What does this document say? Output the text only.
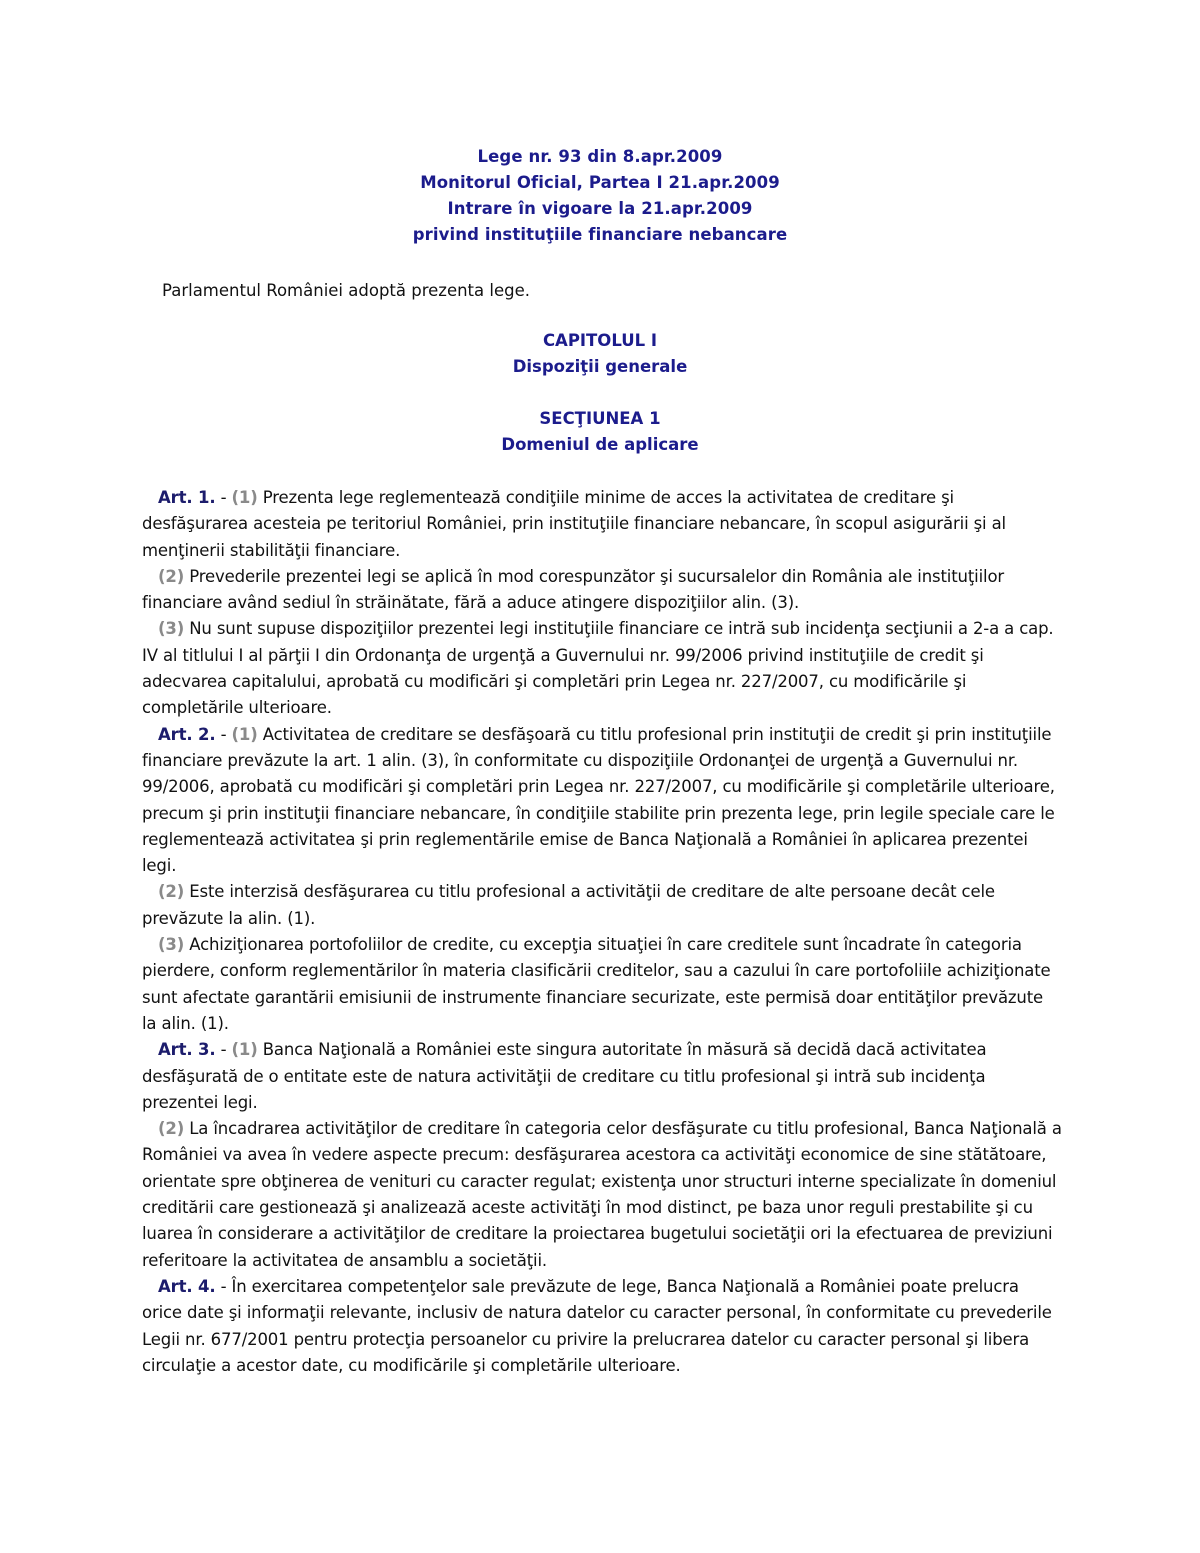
Lege nr. 93 din 8.apr.2009
Monitorul Oficial, Partea I 21.apr.2009
Intrare în vigoare la 21.apr.2009
privind instituţiile financiare nebancare
Parlamentul României adoptă prezenta lege.
CAPITOLUL I
Dispoziţii generale
SECŢIUNEA 1
Domeniul de aplicare

Art. 1. - (1) Prezenta lege reglementează condiţiile minime de acces la activitatea de creditare şi desfăşurarea acesteia pe teritoriul României, prin instituţiile financiare nebancare, în scopul asigurării şi al menţinerii stabilităţii financiare.

(2) Prevederile prezentei legi se aplică în mod corespunzător şi sucursalelor din România ale instituţiilor financiare având sediul în străinătate, fără a aduce atingere dispoziţiilor alin. (3).

(3) Nu sunt supuse dispoziţiilor prezentei legi instituţiile financiare ce intră sub incidenţa secţiunii a 2-a a cap. IV al titlului I al părţii I din Ordonanţa de urgenţă a Guvernului nr. 99/2006 privind instituţiile de credit şi adecvarea capitalului, aprobată cu modificări şi completări prin Legea nr. 227/2007, cu modificările şi completările ulterioare.

Art. 2. - (1) Activitatea de creditare se desfăşoară cu titlu profesional prin instituţii de credit şi prin instituţiile financiare prevăzute la art. 1 alin. (3), în conformitate cu dispoziţiile Ordonanţei de urgenţă a Guvernului nr. 99/2006, aprobată cu modificări şi completări prin Legea nr. 227/2007, cu modificările şi completările ulterioare, precum şi prin instituţii financiare nebancare, în condiţiile stabilite prin prezenta lege, prin legile speciale care le reglementează activitatea şi prin reglementările emise de Banca Naţională a României în aplicarea prezentei legi.

(2) Este interzisă desfăşurarea cu titlu profesional a activităţii de creditare de alte persoane decât cele prevăzute la alin. (1).

(3) Achiziţionarea portofoliilor de credite, cu excepţia situaţiei în care creditele sunt încadrate în categoria pierdere, conform reglementărilor în materia clasificării creditelor, sau a cazului în care portofoliile achiziţionate sunt afectate garantării emisiunii de instrumente financiare securizate, este permisă doar entităţilor prevăzute la alin. (1).

Art. 3. - (1) Banca Naţională a României este singura autoritate în măsură să decidă dacă activitatea desfăşurată de o entitate este de natura activităţii de creditare cu titlu profesional şi intră sub incidenţa prezentei legi.

(2) La încadrarea activităţilor de creditare în categoria celor desfăşurate cu titlu profesional, Banca Naţională a României va avea în vedere aspecte precum: desfăşurarea acestora ca activităţi economice de sine stătătoare, orientate spre obţinerea de venituri cu caracter regulat; existenţa unor structuri interne specializate în domeniul creditării care gestionează şi analizează aceste activităţi în mod distinct, pe baza unor reguli prestabilite şi cu luarea în considerare a activităţilor de creditare la proiectarea bugetului societăţii ori la efectuarea de previziuni referitoare la activitatea de ansamblu a societăţii.

Art. 4. - În exercitarea competenţelor sale prevăzute de lege, Banca Naţională a României poate prelucra orice date şi informaţii relevante, inclusiv de natura datelor cu caracter personal, în conformitate cu prevederile Legii nr. 677/2001 pentru protecţia persoanelor cu privire la prelucrarea datelor cu caracter personal şi libera circulaţie a acestor date, cu modificările şi completările ulterioare.
